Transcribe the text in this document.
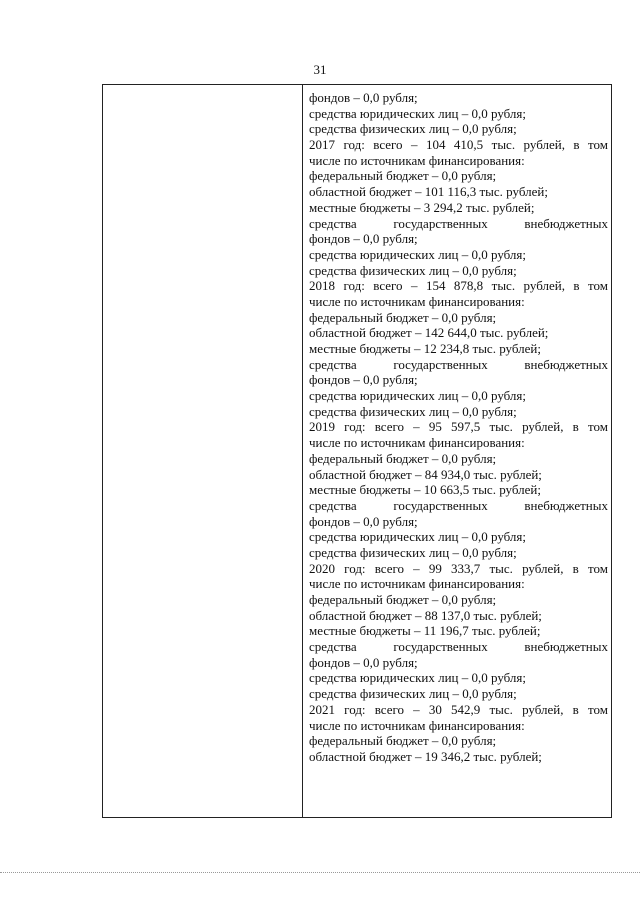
31
фондов – 0,0 рубля;
средства юридических лиц – 0,0 рубля;
средства физических лиц – 0,0 рубля;
2017 год: всего – 104 410,5 тыс. рублей, в том
числе по источникам финансирования:
федеральный бюджет – 0,0 рубля;
областной бюджет – 101 116,3 тыс. рублей;
местные бюджеты – 3 294,2 тыс. рублей;
средства государственных внебюджетных
фондов – 0,0 рубля;
средства юридических лиц – 0,0 рубля;
средства физических лиц – 0,0 рубля;
2018 год: всего – 154 878,8 тыс. рублей, в том
числе по источникам финансирования:
федеральный бюджет – 0,0 рубля;
областной бюджет – 142 644,0 тыс. рублей;
местные бюджеты – 12 234,8 тыс. рублей;
средства государственных внебюджетных
фондов – 0,0 рубля;
средства юридических лиц – 0,0 рубля;
средства физических лиц – 0,0 рубля;
2019 год: всего – 95 597,5 тыс. рублей, в том
числе по источникам финансирования:
федеральный бюджет – 0,0 рубля;
областной бюджет – 84 934,0 тыс. рублей;
местные бюджеты – 10 663,5 тыс. рублей;
средства государственных внебюджетных
фондов – 0,0 рубля;
средства юридических лиц – 0,0 рубля;
средства физических лиц – 0,0 рубля;
2020 год: всего – 99 333,7 тыс. рублей, в том
числе по источникам финансирования:
федеральный бюджет – 0,0 рубля;
областной бюджет – 88 137,0 тыс. рублей;
местные бюджеты – 11 196,7 тыс. рублей;
средства государственных внебюджетных
фондов – 0,0 рубля;
средства юридических лиц – 0,0 рубля;
средства физических лиц – 0,0 рубля;
2021 год: всего – 30 542,9 тыс. рублей, в том
числе по источникам финансирования:
федеральный бюджет – 0,0 рубля;
областной бюджет – 19 346,2 тыс. рублей;
